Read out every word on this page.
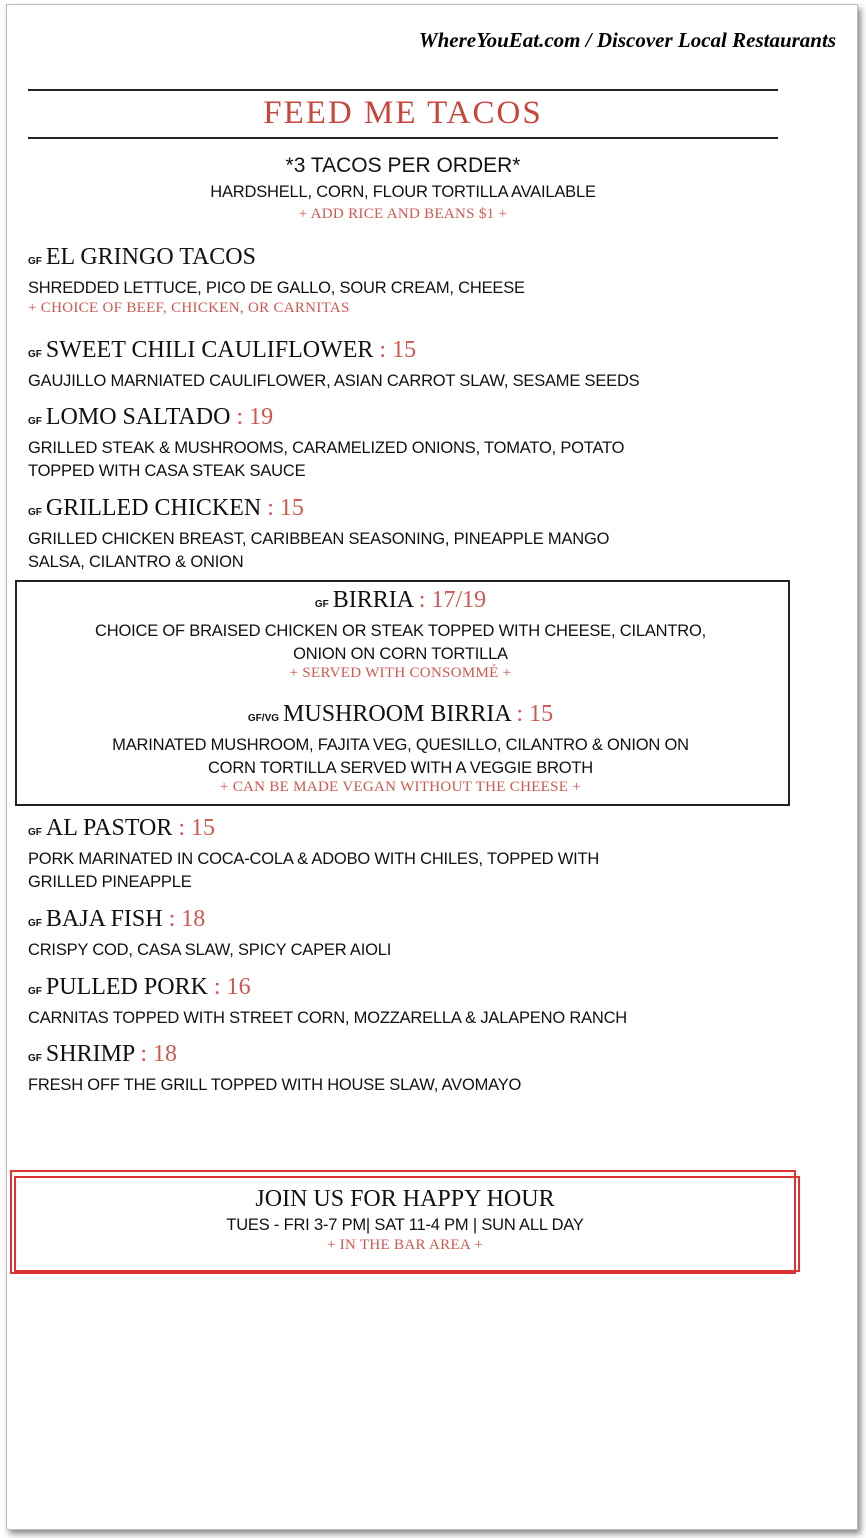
WhereYouEat.com / Discover Local Restaurants
FEED ME TACOS
*3 TACOS PER ORDER*
HARDSHELL, CORN, FLOUR TORTILLA AVAILABLE
+ ADD RICE AND BEANS $1 +
GF EL GRINGO TACOS
SHREDDED LETTUCE, PICO DE GALLO, SOUR CREAM, CHEESE
+ CHOICE OF BEEF, CHICKEN, OR CARNITAS
GF SWEET CHILI CAULIFLOWER : 15
GAUJILLO MARNIATED CAULIFLOWER, ASIAN CARROT SLAW, SESAME SEEDS
GF LOMO SALTADO : 19
GRILLED STEAK & MUSHROOMS, CARAMELIZED ONIONS, TOMATO, POTATO
TOPPED WITH CASA STEAK SAUCE
GF GRILLED CHICKEN : 15
GRILLED CHICKEN BREAST, CARIBBEAN SEASONING, PINEAPPLE MANGO
SALSA, CILANTRO & ONION
GF BIRRIA : 17/19
CHOICE OF BRAISED CHICKEN OR STEAK TOPPED WITH CHEESE, CILANTRO,
ONION ON CORN TORTILLA
+ SERVED WITH CONSOMMÉ +
GF/VG MUSHROOM BIRRIA : 15
MARINATED MUSHROOM, FAJITA VEG, QUESILLO, CILANTRO & ONION ON
CORN TORTILLA SERVED WITH A VEGGIE BROTH
+ CAN BE MADE VEGAN WITHOUT THE CHEESE +
GF AL PASTOR : 15
PORK MARINATED IN COCA-COLA & ADOBO WITH CHILES, TOPPED WITH
GRILLED PINEAPPLE
GF BAJA FISH : 18
CRISPY COD, CASA SLAW, SPICY CAPER AIOLI
GF PULLED PORK : 16
CARNITAS TOPPED WITH STREET CORN, MOZZARELLA & JALAPENO RANCH
GF SHRIMP : 18
FRESH OFF THE GRILL TOPPED WITH HOUSE SLAW, AVOMAYO
JOIN US FOR HAPPY HOUR
TUES - FRI 3-7 PM| SAT 11-4 PM | SUN ALL DAY
+ IN THE BAR AREA +
